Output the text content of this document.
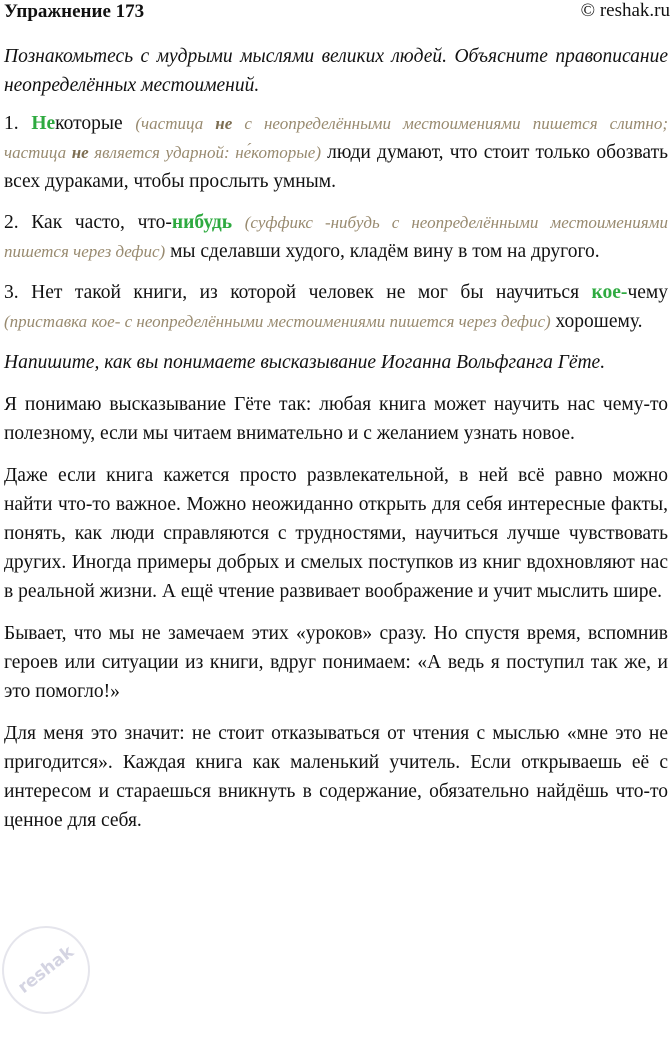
Упражнение 173	© reshak.ru

Познакомьтесь с мудрыми мыслями великих людей. Объясните правописание неопределённых местоимений.

1. Некоторые (частица не с неопределёнными местоимениями пишется слитно; частица не является ударной: не́которые) люди думают, что стоит только обозвать всех дураками, чтобы прослыть умным.

2. Как часто, что-нибудь (суффикс -нибудь с неопределёнными местоимениями пишется через дефис) мы сделавши худого, кладём вину в том на другого.

3. Нет такой книги, из которой человек не мог бы научиться кое-чему (приставка кое- с неопределёнными местоимениями пишется через дефис) хорошему.

Напишите, как вы понимаете высказывание Иоганна Вольфганга Гёте.

Я понимаю высказывание Гёте так: любая книга может научить нас чему-то полезному, если мы читаем внимательно и с желанием узнать новое.

Даже если книга кажется просто развлекательной, в ней всё равно можно найти что-то важное. Можно неожиданно открыть для себя интересные факты, понять, как люди справляются с трудностями, научиться лучше чувствовать других. Иногда примеры добрых и смелых поступков из книг вдохновляют нас в реальной жизни. А ещё чтение развивает воображение и учит мыслить шире.

Бывает, что мы не замечаем этих «уроков» сразу. Но спустя время, вспомнив героев или ситуации из книги, вдруг понимаем: «А ведь я поступил так же, и это помогло!»

Для меня это значит: не стоит отказываться от чтения с мыслью «мне это не пригодится». Каждая книга как маленький учитель. Если открываешь её с интересом и стараешься вникнуть в содержание, обязательно найдёшь что-то ценное для себя.

reshak
